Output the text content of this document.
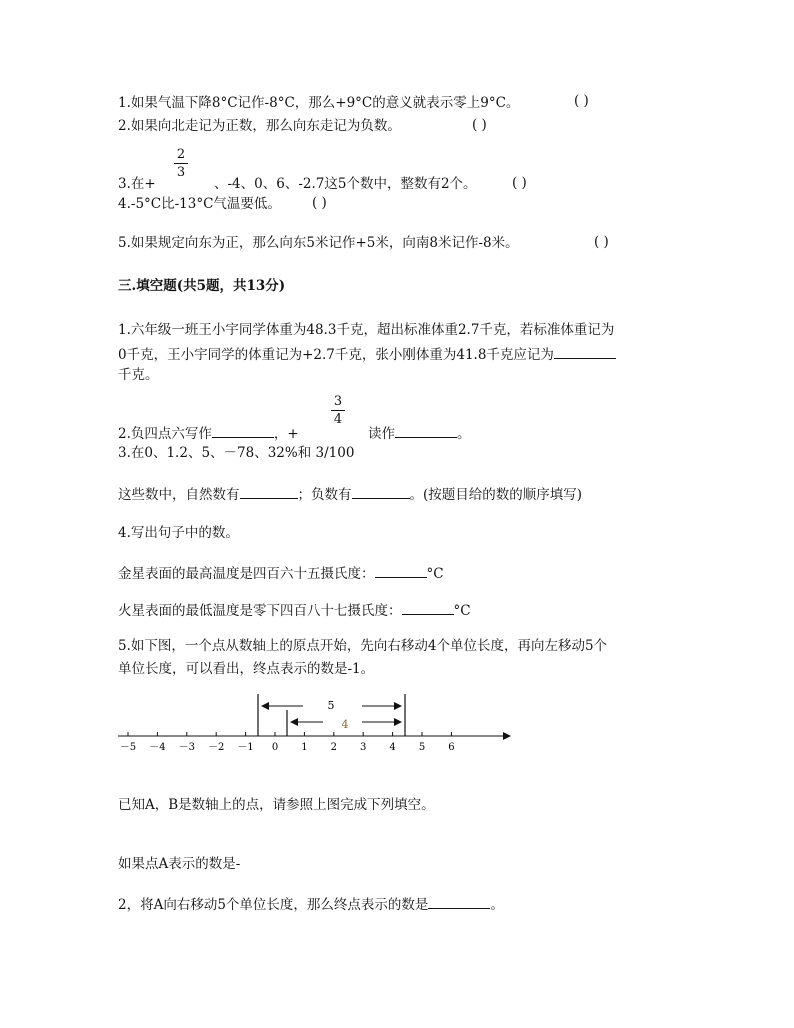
1.如果气温下降8°C记作-8°C，那么+9°C的意义就表示零上9°C。	( )
2.如果向北走记为正数，那么向东走记为负数。	( )
2
3
3.在+	、-4、0、6、-2.7这5个数中，整数有2个。	( )
4.-5°C比-13°C气温要低。 ( )
5.如果规定向东为正，那么向东5米记作+5米，向南8米记作-8米。	( )
三.填空题(共5题，共13分)
1.六年级一班王小宇同学体重为48.3千克，超出标准体重2.7千克，若标准体重记为
0千克，王小宇同学的体重记为+2.7千克，张小刚体重为41.8千克应记为
千克。
3
4
2.负四点六写作	，+	读作	。
3.在0、1.2、5、－78、32%和 3/100
这些数中，自然数有	；负数有	。(按题目给的数的顺序填写)
4.写出句子中的数。
金星表面的最高温度是四百六十五摄氏度：	°C
火星表面的最低温度是零下四百八十七摄氏度：	°C
5.如下图，一个点从数轴上的原点开始，先向右移动4个单位长度，再向左移动5个
单位长度，可以看出，终点表示的数是-1。
－5 －4 －3 －2 －1 0 1 2 3 4 5 6
5
4
已知A，B是数轴上的点，请参照上图完成下列填空。
如果点A表示的数是-
2，将A向右移动5个单位长度，那么终点表示的数是	。
